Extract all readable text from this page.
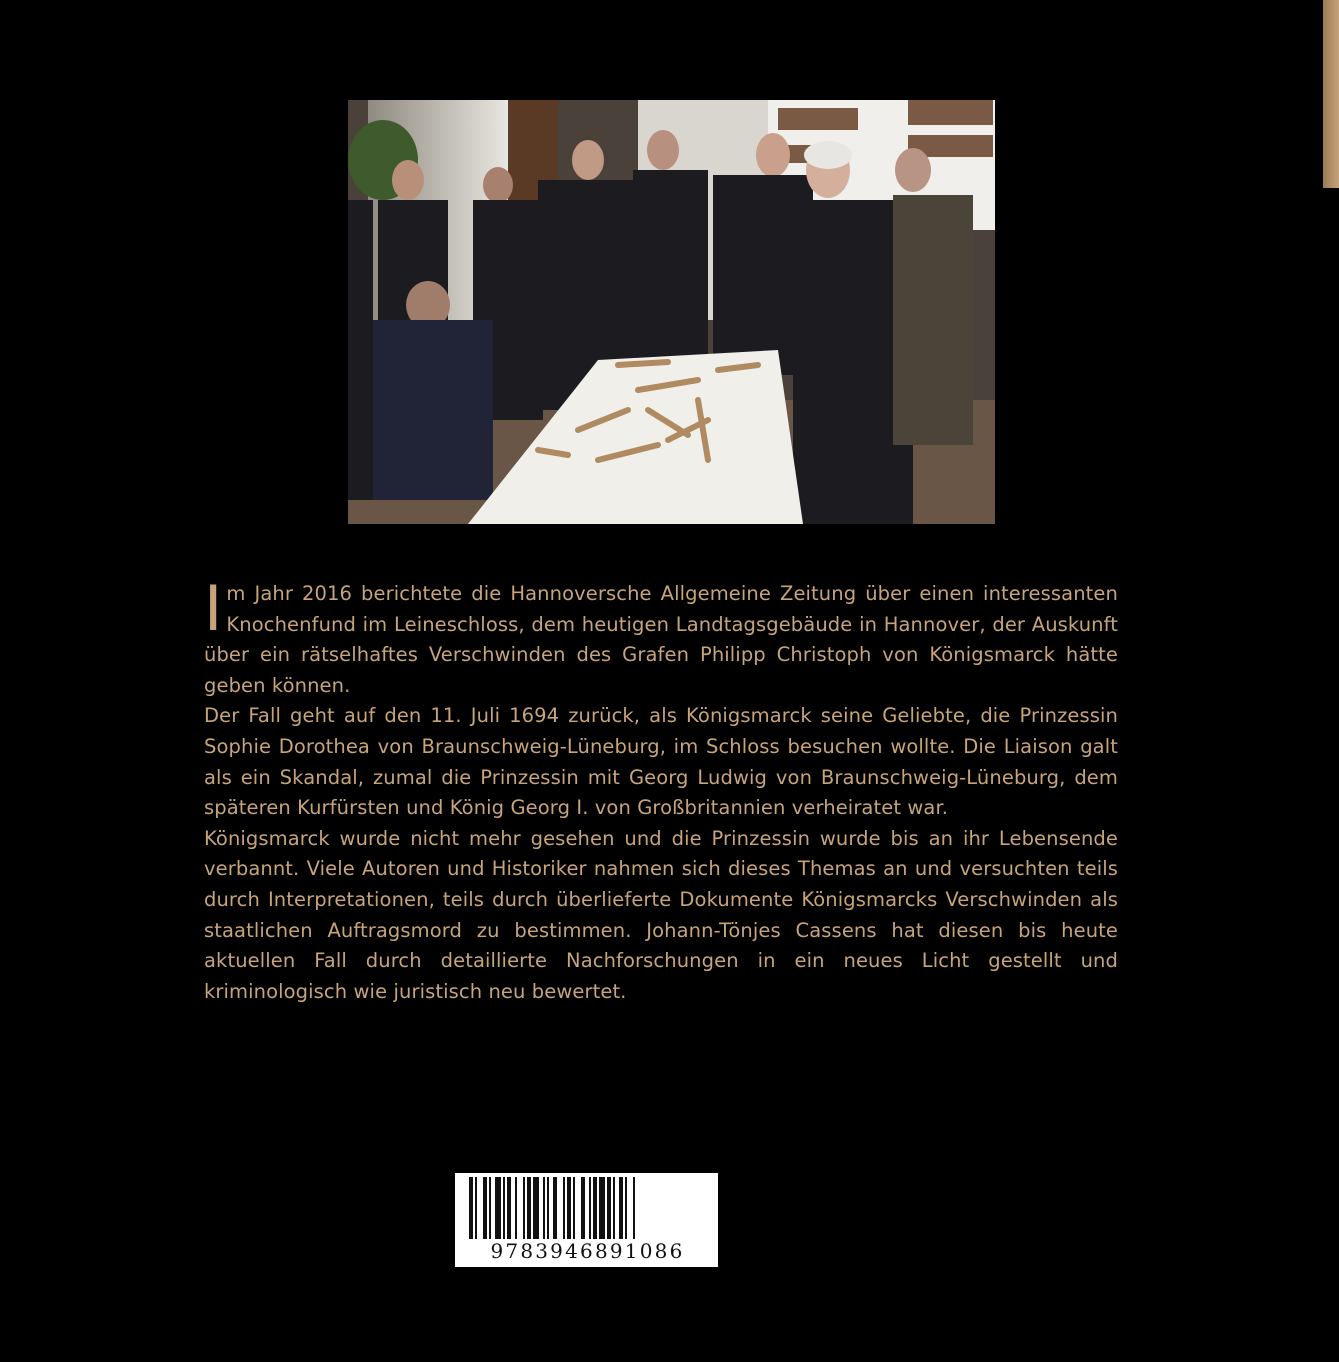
Im Jahr 2016 berichtete die Hannoversche Allgemeine Zeitung über einen interessanten Knochenfund im Leineschloss, dem heutigen Landtagsgebäude in Hannover, der Auskunft über ein rätselhaftes Verschwinden des Grafen Philipp Christoph von Königsmarck hätte geben können.

Der Fall geht auf den 11. Juli 1694 zurück, als Königsmarck seine Geliebte, die Prinzessin Sophie Dorothea von Braunschweig-Lüneburg, im Schloss besuchen wollte. Die Liaison galt als ein Skandal, zumal die Prinzessin mit Georg Ludwig von Braunschweig-Lüneburg, dem späteren Kurfürsten und König Georg I. von Großbritannien verheiratet war.

Königsmarck wurde nicht mehr gesehen und die Prinzessin wurde bis an ihr Lebensende verbannt. Viele Autoren und Historiker nahmen sich dieses Themas an und versuchten teils durch Interpretationen, teils durch überlieferte Dokumente Königsmarcks Verschwinden als staatlichen Auftragsmord zu bestimmen. Johann-Tönjes Cassens hat diesen bis heute aktuellen Fall durch detaillierte Nachforschungen in ein neues Licht gestellt und kriminologisch wie juristisch neu bewertet.

9783946891086
